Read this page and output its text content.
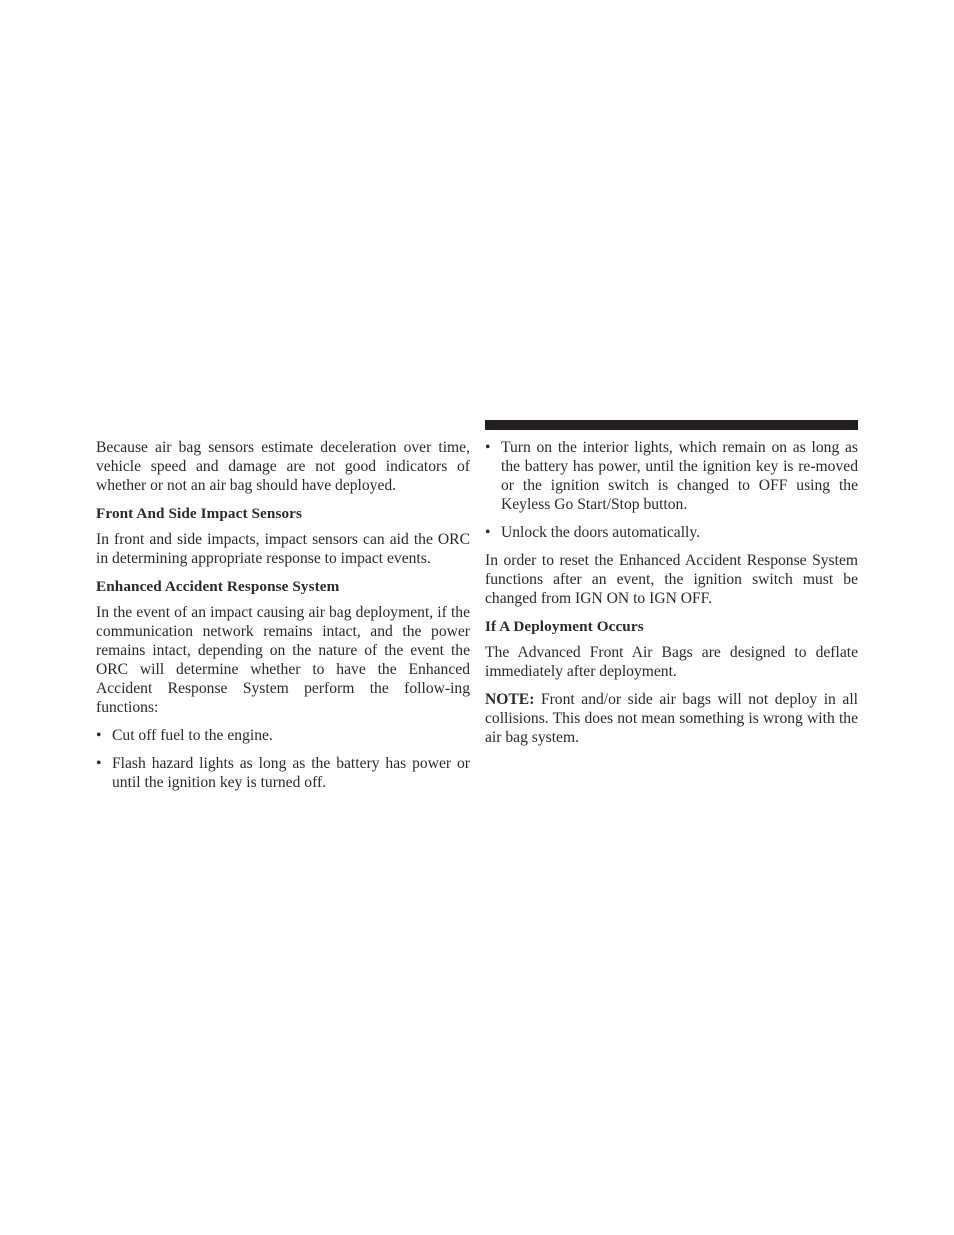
Because air bag sensors estimate deceleration over time, vehicle speed and damage are not good indicators of whether or not an air bag should have deployed.

Front And Side Impact Sensors

In front and side impacts, impact sensors can aid the ORC in determining appropriate response to impact events.

Enhanced Accident Response System

In the event of an impact causing air bag deployment, if the communication network remains intact, and the power remains intact, depending on the nature of the event the ORC will determine whether to have the Enhanced Accident Response System perform the follow-ing functions:

• Cut off fuel to the engine.
• Flash hazard lights as long as the battery has power or until the ignition key is turned off.
• Turn on the interior lights, which remain on as long as the battery has power, until the ignition key is re-moved or the ignition switch is changed to OFF using the Keyless Go Start/Stop button.
• Unlock the doors automatically.

In order to reset the Enhanced Accident Response System functions after an event, the ignition switch must be changed from IGN ON to IGN OFF.

If A Deployment Occurs

The Advanced Front Air Bags are designed to deflate immediately after deployment.

NOTE: Front and/or side air bags will not deploy in all collisions. This does not mean something is wrong with the air bag system.
